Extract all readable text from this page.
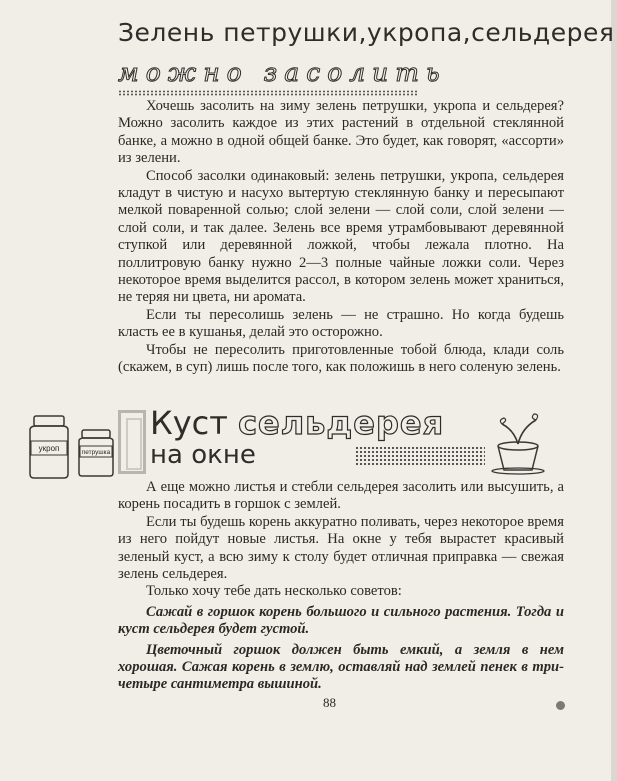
Зелень петрушки,укропа,сельдерея
можно засолить

Хочешь засолить на зиму зелень петрушки, укропа и сельдерея? Можно засолить каждое из этих растений в отдельной стеклянной банке, а можно в одной общей банке. Это будет, как говорят, «ассорти» из зелени.

Способ засолки одинаковый: зелень петрушки, укропа, сельдерея кладут в чистую и насухо вытертую стеклянную банку и пересыпают мелкой поваренной солью; слой зелени — слой соли, слой зелени — слой соли, и так далее. Зелень все время утрамбовывают деревянной ступкой или деревянной ложкой, чтобы лежала плотно. На поллитровую банку нужно 2—3 полные чайные ложки соли. Через некоторое время выделится рассол, в котором зелень может храниться, не теряя ни цвета, ни аромата.

Если ты пересолишь зелень — не страшно. Но когда будешь класть ее в кушанья, делай это осторожно.

Чтобы не пересолить приготовленные тобой блюда, клади соль (скажем, в суп) лишь после того, как положишь в него соленую зелень.

укроп	петрушка
Куст сельдерея
на окне

А еще можно листья и стебли сельдерея засолить или высушить, а корень посадить в горшок с землей.

Если ты будешь корень аккуратно поливать, через некоторое время из него пойдут новые листья. На окне у тебя вырастет красивый зеленый куст, а всю зиму к столу будет отличная приправка — свежая зелень сельдерея.

Только хочу тебе дать несколько советов:

Сажай в горшок корень большого и сильного растения. Тогда и куст сельдерея будет густой.

Цветочный горшок должен быть емкий, а земля в нем хорошая. Сажая корень в землю, оставляй над землей пенек в три-четыре сантиметра вышиной.

88
